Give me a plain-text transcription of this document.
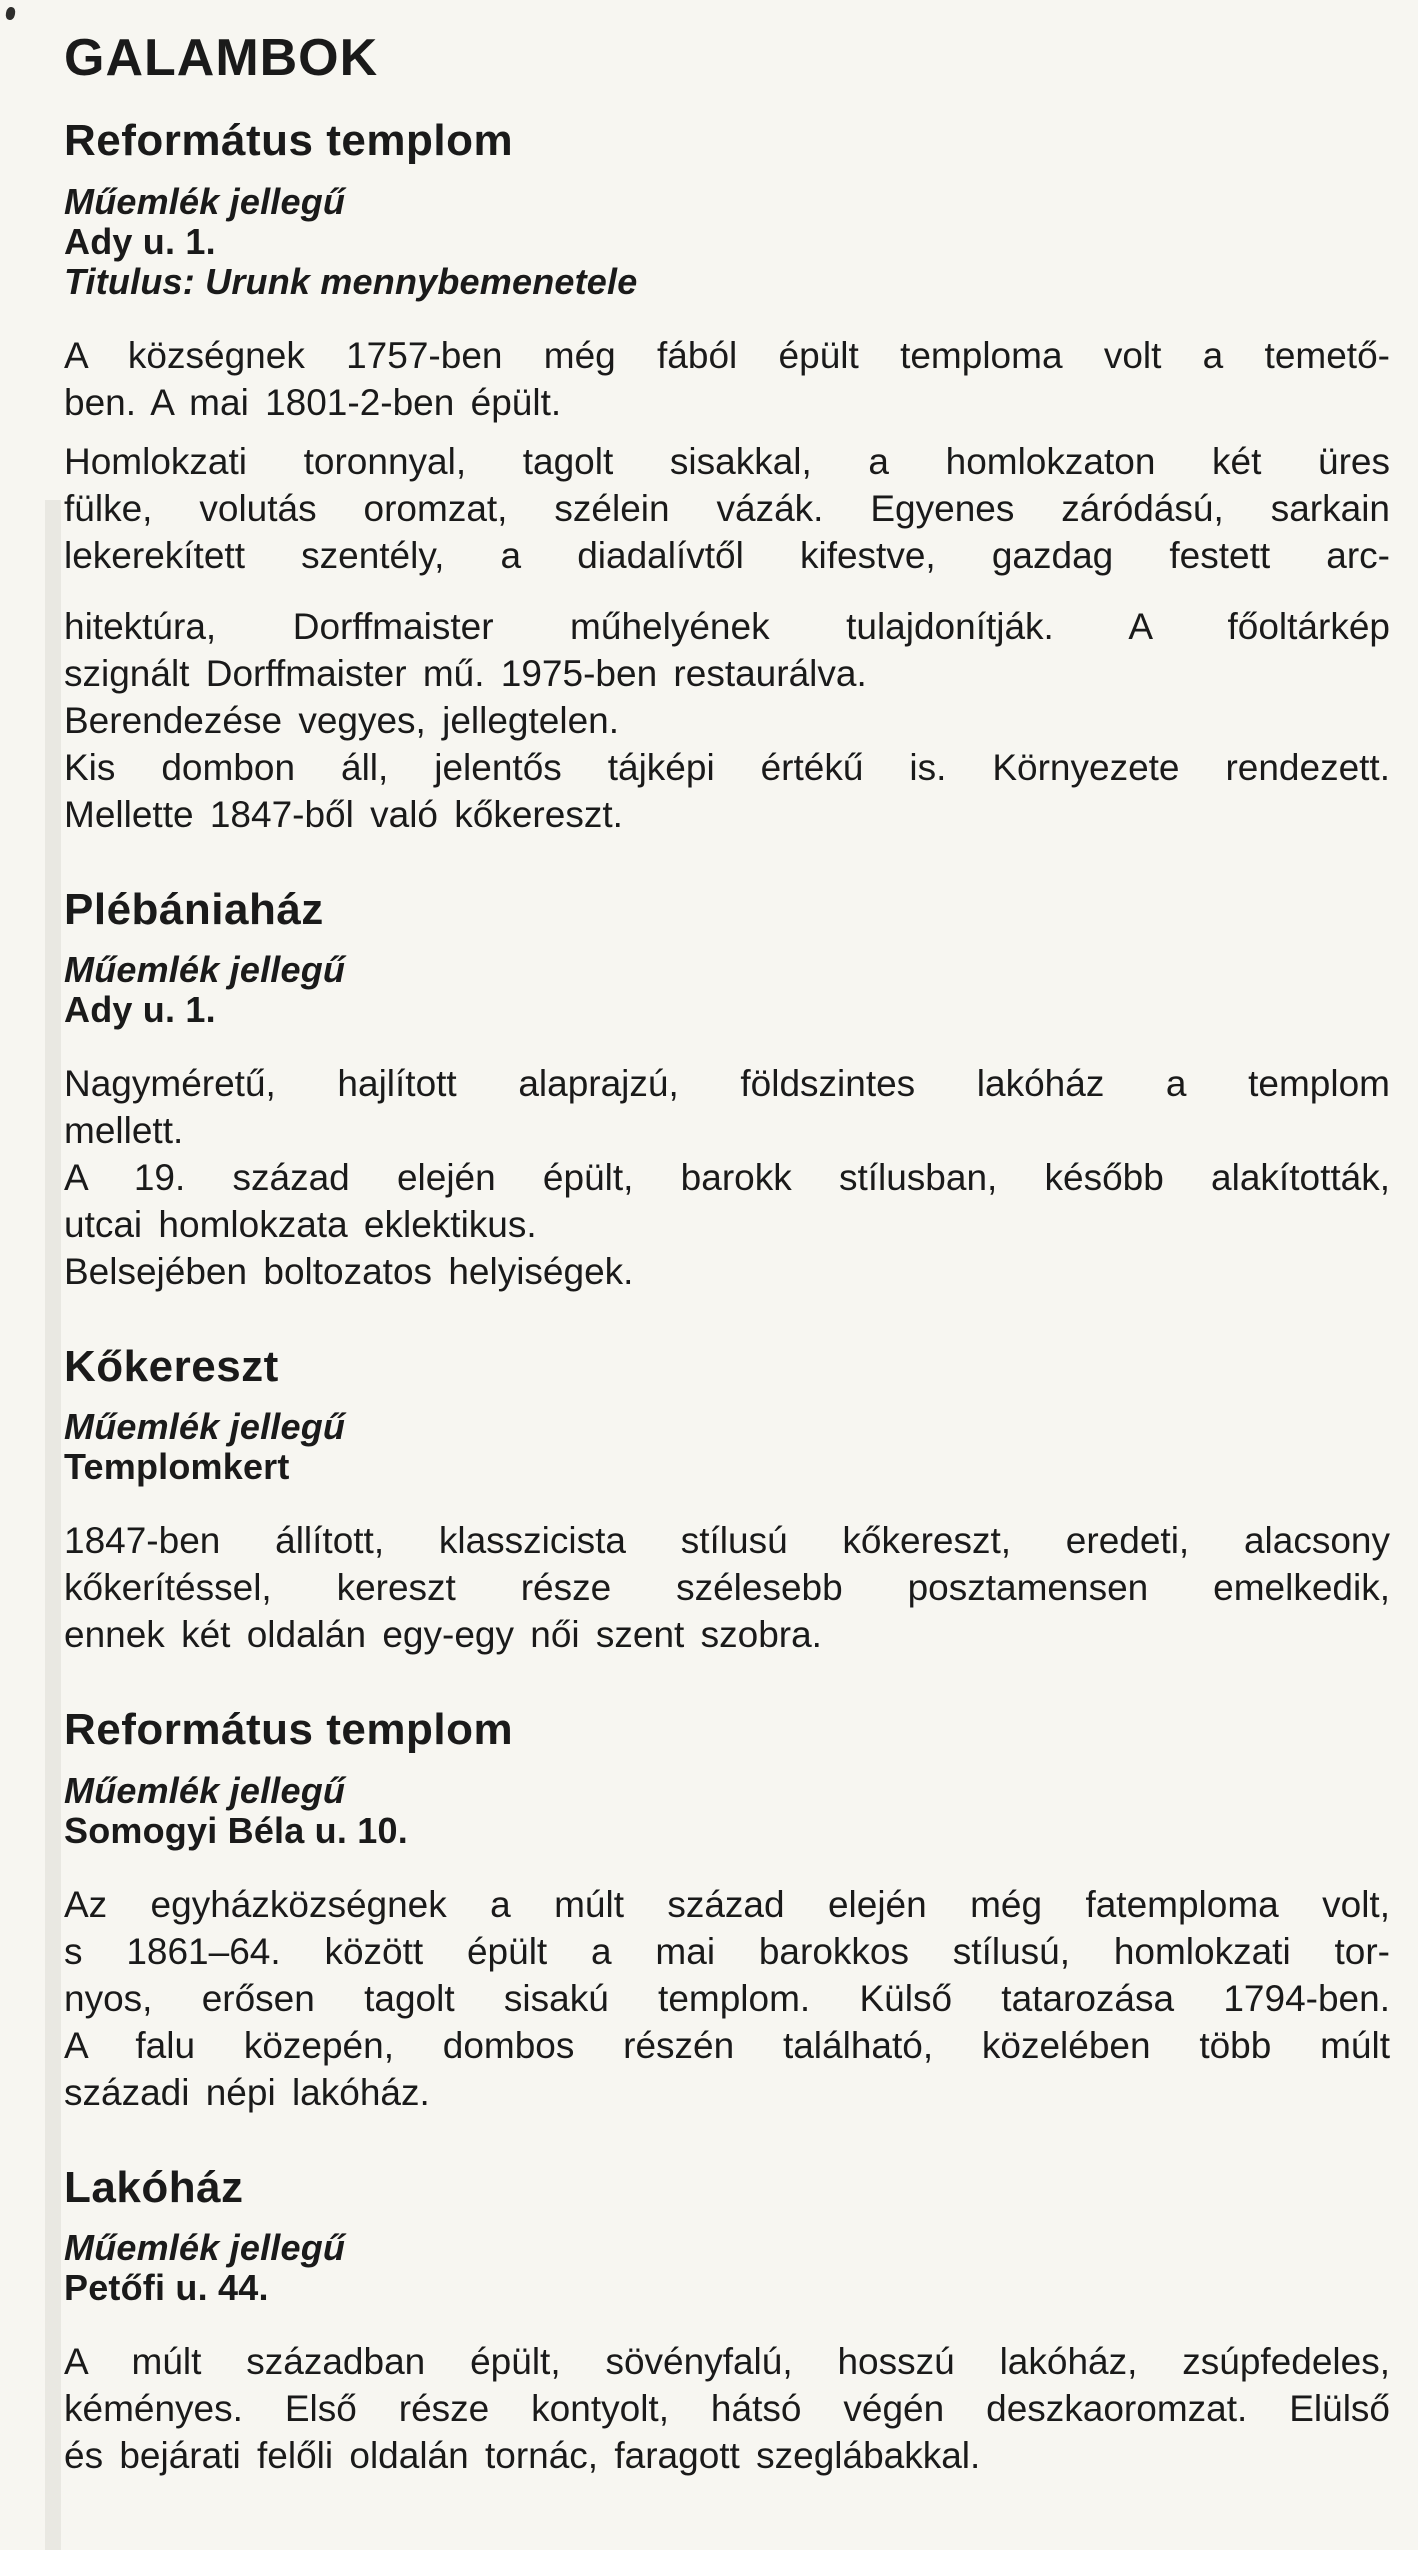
GALAMBOK
Református templom
Műemlék jellegű
Ady u. 1.
Titulus: Urunk mennybemenetele
A községnek 1757-ben még fából épült temploma volt a temető-
ben. A mai 1801-2-ben épült.
Homlokzati toronnyal, tagolt sisakkal, a homlokzaton két üres
fülke, volutás oromzat, szélein vázák. Egyenes záródású, sarkain
lekerekített szentély, a diadalívtől kifestve, gazdag festett arc-
hitektúra, Dorffmaister műhelyének tulajdonítják. A főoltárkép
szignált Dorffmaister mű. 1975-ben restaurálva.
Berendezése vegyes, jellegtelen.
Kis dombon áll, jelentős tájképi értékű is. Környezete rendezett.
Mellette 1847-ből való kőkereszt.
Plébániaház
Műemlék jellegű
Ady u. 1.
Nagyméretű, hajlított alaprajzú, földszintes lakóház a templom
mellett.
A 19. század elején épült, barokk stílusban, később alakították,
utcai homlokzata eklektikus.
Belsejében boltozatos helyiségek.
Kőkereszt
Műemlék jellegű
Templomkert
1847-ben állított, klasszicista stílusú kőkereszt, eredeti, alacsony
kőkerítéssel, kereszt része szélesebb posztamensen emelkedik,
ennek két oldalán egy-egy női szent szobra.
Református templom
Műemlék jellegű
Somogyi Béla u. 10.
Az egyházközségnek a múlt század elején még fatemploma volt,
s 1861–64. között épült a mai barokkos stílusú, homlokzati tor-
nyos, erősen tagolt sisakú templom. Külső tatarozása 1794-ben.
A falu közepén, dombos részén található, közelében több múlt
századi népi lakóház.
Lakóház
Műemlék jellegű
Petőfi u. 44.
A múlt században épült, sövényfalú, hosszú lakóház, zsúpfedeles,
kéményes. Első része kontyolt, hátsó végén deszkaoromzat. Elülső
és bejárati felőli oldalán tornác, faragott szeglábakkal.
